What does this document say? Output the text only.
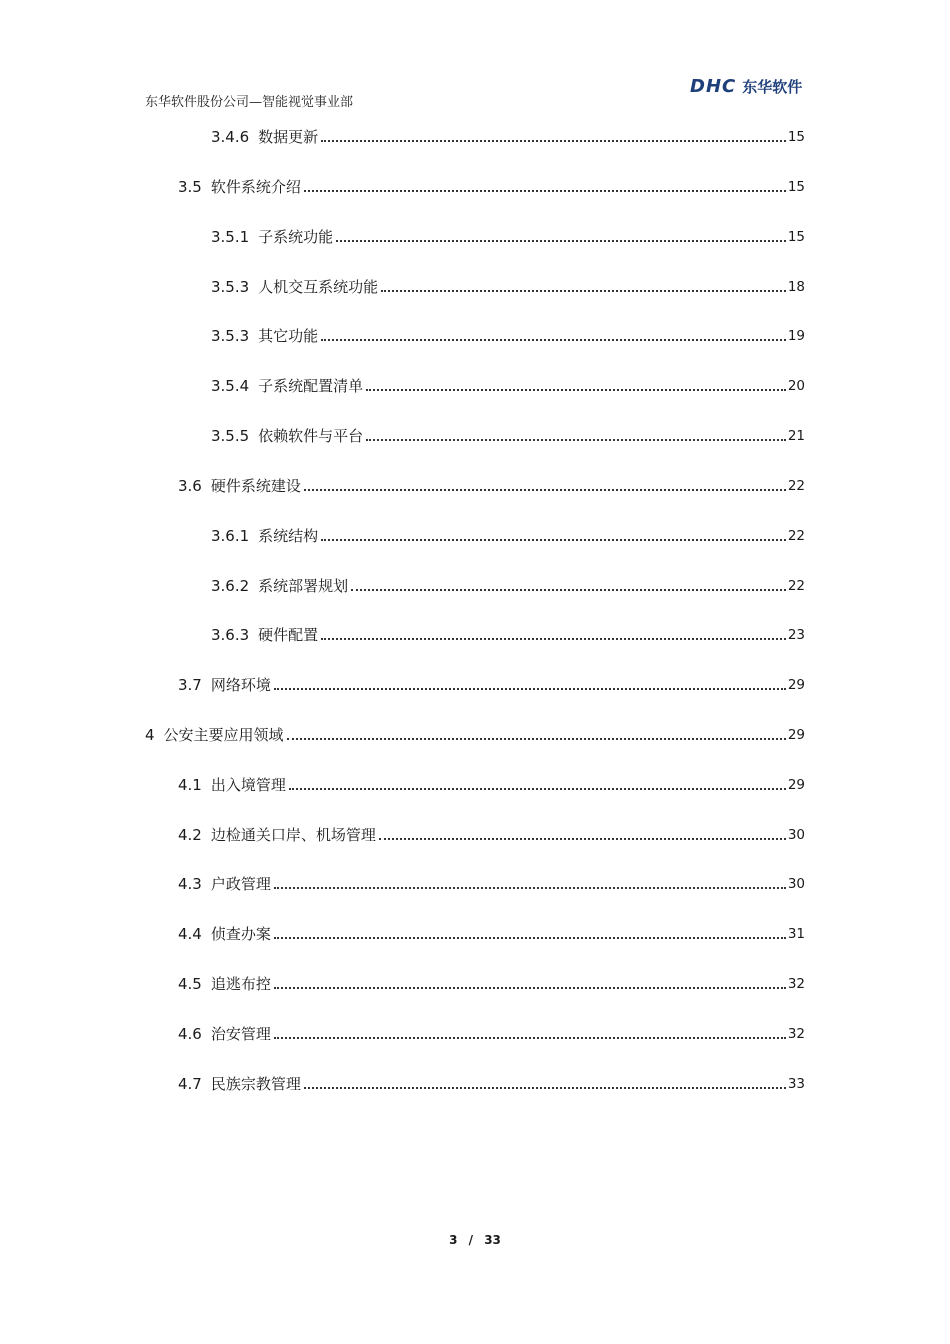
东华软件股份公司—智能视觉事业部
DHC 东华软件
3.4.6 数据更新	15
3.5 软件系统介绍	15
3.5.1 子系统功能	15
3.5.3 人机交互系统功能	18
3.5.3 其它功能	19
3.5.4 子系统配置清单	20
3.5.5 依赖软件与平台	21
3.6 硬件系统建设	22
3.6.1 系统结构	22
3.6.2 系统部署规划	22
3.6.3 硬件配置	23
3.7 网络环境	29
4 公安主要应用领域	29
4.1 出入境管理	29
4.2 边检通关口岸、机场管理	30
4.3 户政管理	30
4.4 侦查办案	31
4.5 追逃布控	32
4.6 治安管理	32
4.7 民族宗教管理	33
3 / 33
